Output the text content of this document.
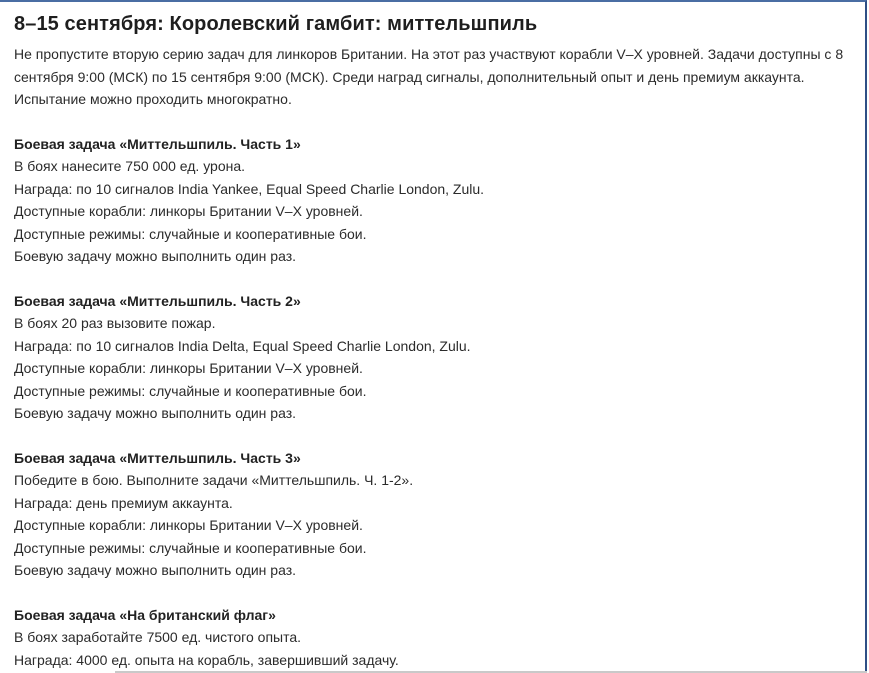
8–15 сентября: Королевский гамбит: миттельшпиль

Не пропустите вторую серию задач для линкоров Британии. На этот раз участвуют корабли V–X уровней. Задачи доступны с 8 сентября 9:00 (МСК) по 15 сентября 9:00 (МСК). Среди наград сигналы, дополнительный опыт и день премиум аккаунта. Испытание можно проходить многократно.

Боевая задача «Миттельшпиль. Часть 1»
В боях нанесите 750 000 ед. урона.
Награда: по 10 сигналов India Yankee, Equal Speed Charlie London, Zulu.
Доступные корабли: линкоры Британии V–X уровней.
Доступные режимы: случайные и кооперативные бои.
Боевую задачу можно выполнить один раз.
Боевая задача «Миттельшпиль. Часть 2»
В боях 20 раз вызовите пожар.
Награда: по 10 сигналов India Delta, Equal Speed Charlie London, Zulu.
Доступные корабли: линкоры Британии V–X уровней.
Доступные режимы: случайные и кооперативные бои.
Боевую задачу можно выполнить один раз.
Боевая задача «Миттельшпиль. Часть 3»
Победите в бою. Выполните задачи «Миттельшпиль. Ч. 1-2».
Награда: день премиум аккаунта.
Доступные корабли: линкоры Британии V–X уровней.
Доступные режимы: случайные и кооперативные бои.
Боевую задачу можно выполнить один раз.
Боевая задача «На британский флаг»
В боях заработайте 7500 ед. чистого опыта.
Награда: 4000 ед. опыта на корабль, завершивший задачу.
